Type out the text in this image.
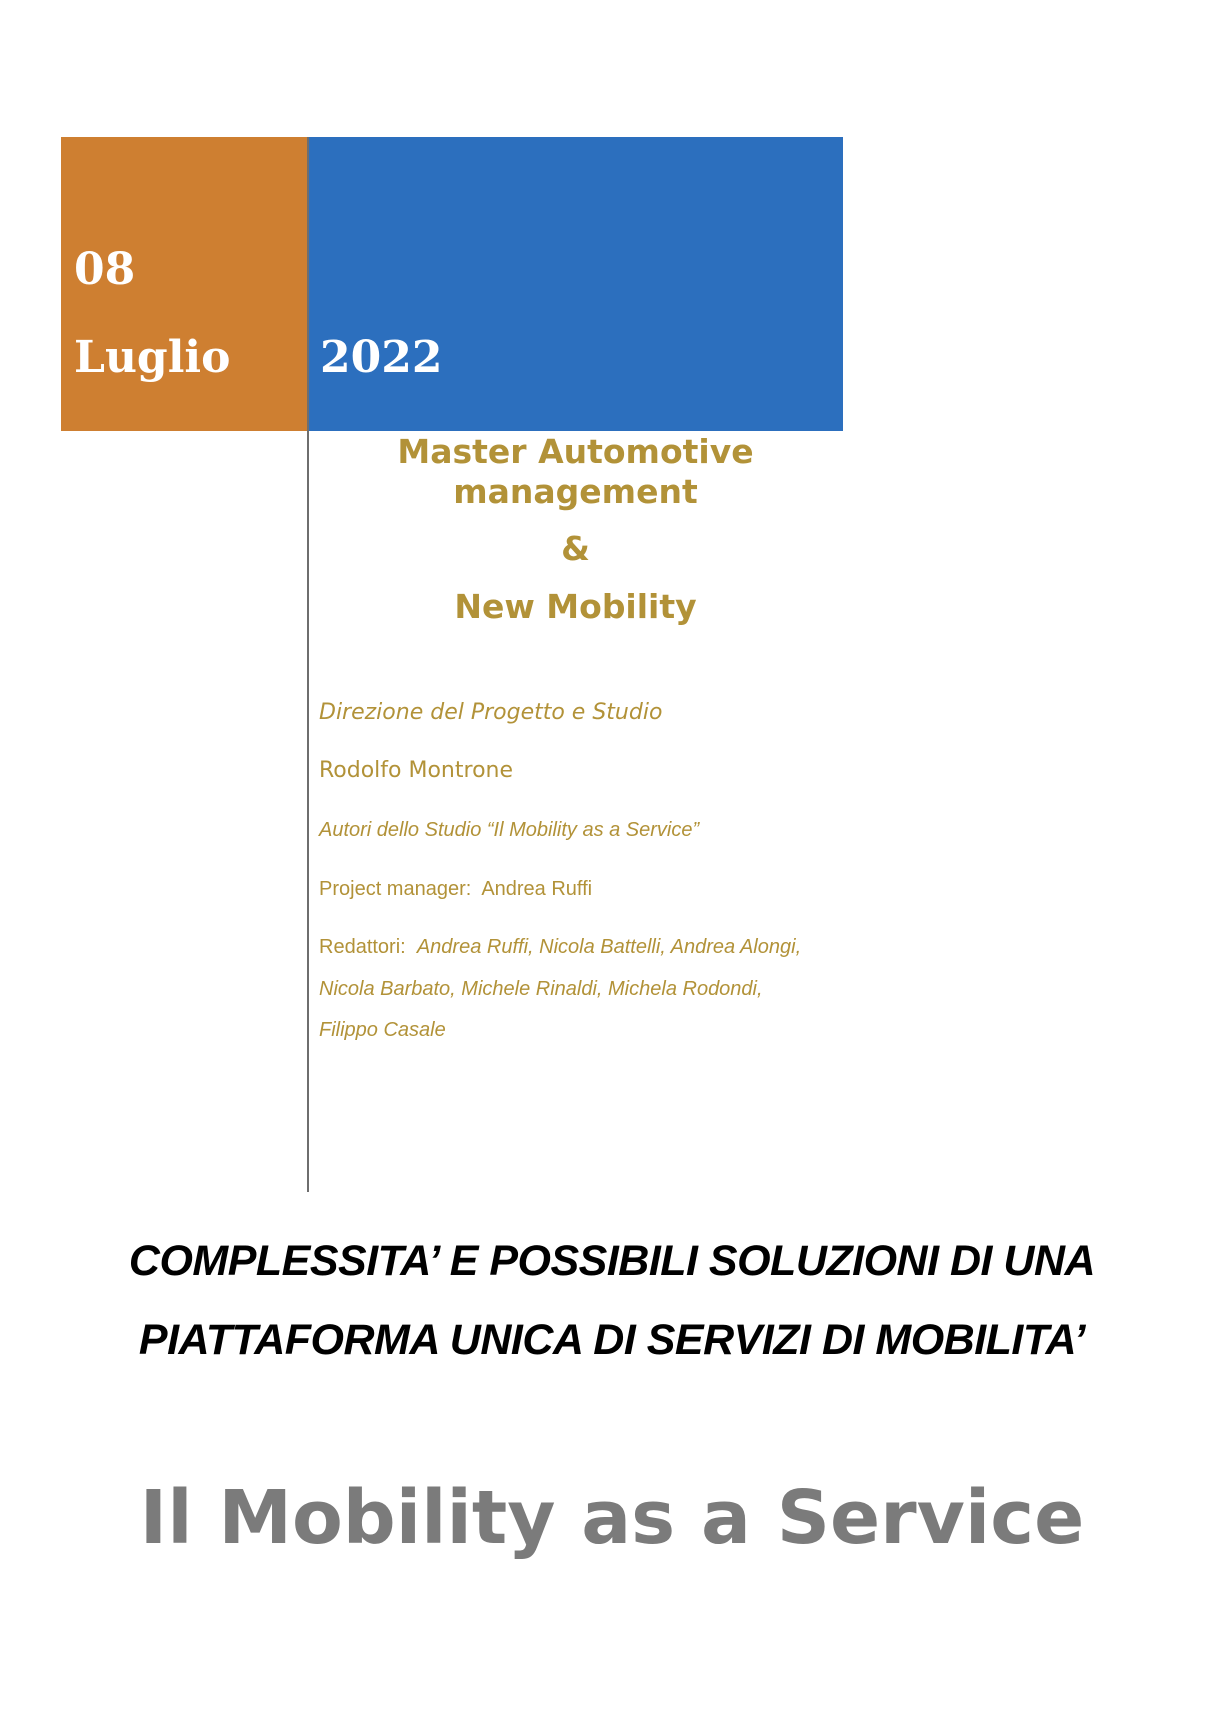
08
Luglio 2022
Master Automotive
management
&
New Mobility
Direzione del Progetto e Studio
Rodolfo Montrone
Autori dello Studio “Il Mobility as a Service”
Project manager: Andrea Ruffi
Redattori: Andrea Ruffi, Nicola Battelli, Andrea Alongi,
Nicola Barbato, Michele Rinaldi, Michela Rodondi,
Filippo Casale
COMPLESSITA’ E POSSIBILI SOLUZIONI DI UNA
PIATTAFORMA UNICA DI SERVIZI DI MOBILITA’
Il Mobility as a Service
